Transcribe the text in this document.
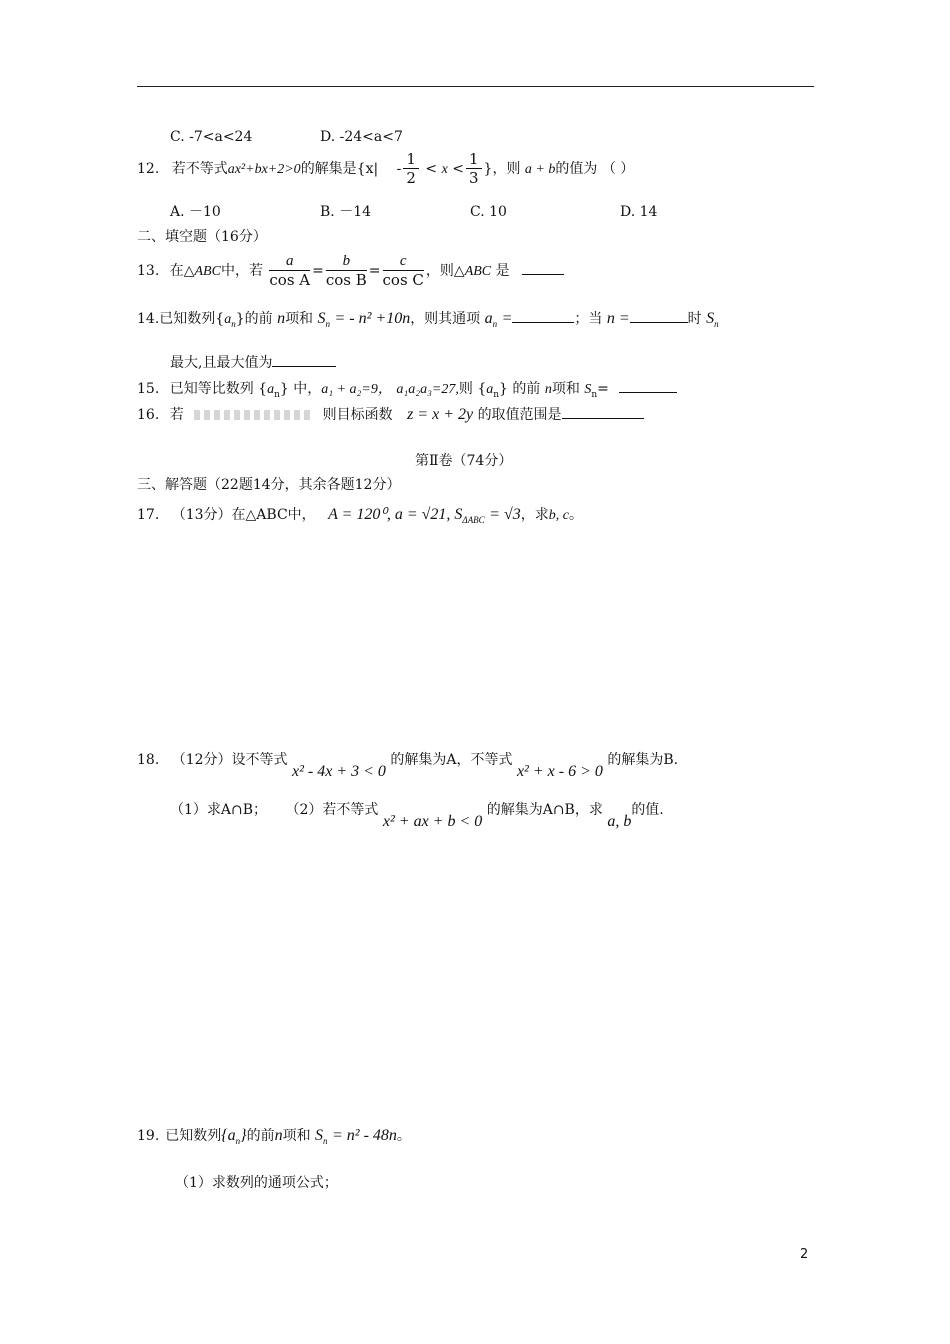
C. -7<a<24	D. -24<a<7
12. 若不等式ax²+bx+2>0的解集是{$x| - \frac{1}{2} < x < \frac{1}{3}$ }，则 a + b的值为 （ ）
A. －10	B. －14	C. 10	D. 14
二、填空题（16分）
13. 在△ABC中，若 $\frac{a}{\text{cos A}} = \frac{b}{\text{cos B}} = \frac{c}{\text{cos C}}$ ，则△ABC 是
14.已知数列$\{a_n\}$的前 n项和 $S_n$ = - n² +10n，则其通项 $a_n$ =	；当 n =	时 $S_n$
最大,且最大值为
15. 已知等比数列 $\{a_n\}$ 中，a₁ + a₂=9， a₁a₂a₃=27,则 $\{a_n\}$ 的前 n项和 $S_n=$
16. 若	则目标函数 z = x + 2y 的取值范围是
第Ⅱ卷（74分）
三、解答题（22题14分，其余各题12分）
17. （13分）在△ABC中， A = 120⁰, a = √21, $S_{\Delta ABC} = √3$，求b, c。
18. （12分）设不等式 x² - 4x + 3 < 0 的解集为A，不等式 x² + x - 6 > 0 的解集为B.
（1）求A∩B； （2）若不等式 x² + ax + b < 0 的解集为A∩B，求 a, b的值.
19. 已知数列$\{a_n\}$的前n项和 $S_n = n^2 - 48n$。
（1）求数列的通项公式；
2
